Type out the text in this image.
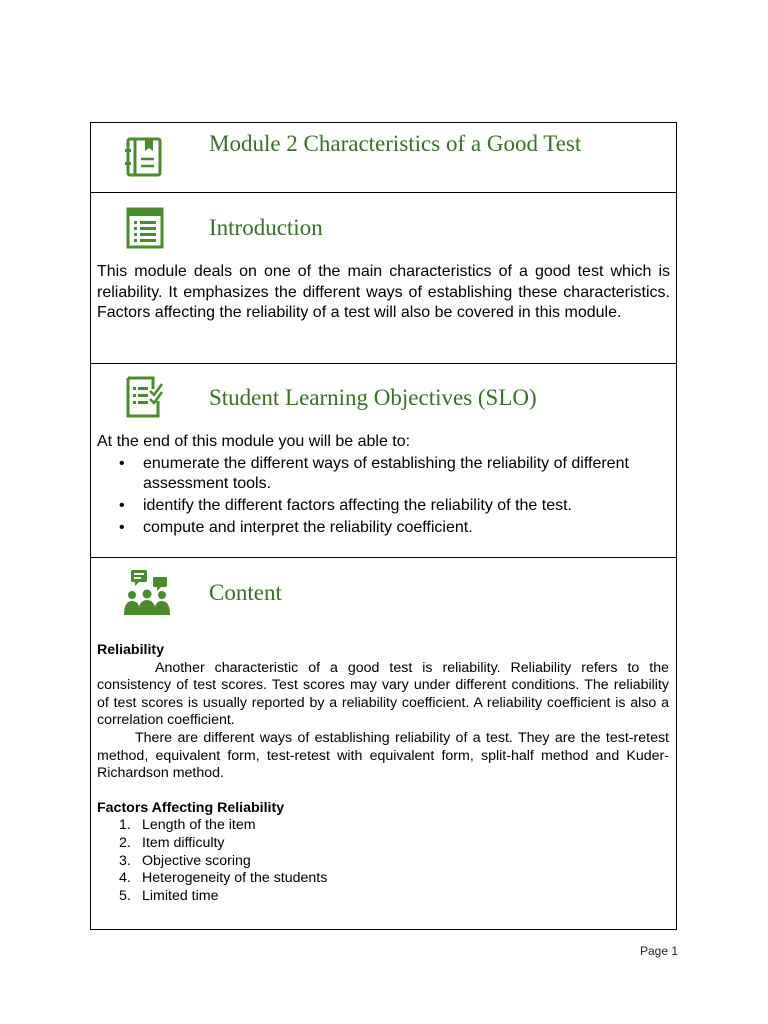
Module 2 Characteristics of a Good Test
Introduction
This module deals on one of the main characteristics of a good test which is reliability. It emphasizes the different ways of establishing these characteristics. Factors affecting the reliability of a test will also be covered in this module.
Student Learning Objectives (SLO)
At the end of this module you will be able to:
• enumerate the different ways of establishing the reliability of different assessment tools.
• identify the different factors affecting the reliability of the test.
• compute and interpret the reliability coefficient.
Content
Reliability
Another characteristic of a good test is reliability. Reliability refers to the consistency of test scores. Test scores may vary under different conditions. The reliability of test scores is usually reported by a reliability coefficient. A reliability coefficient is also a correlation coefficient.
There are different ways of establishing reliability of a test. They are the test-retest method, equivalent form, test-retest with equivalent form, split-half method and Kuder-Richardson method.
Factors Affecting Reliability
1. Length of the item
2. Item difficulty
3. Objective scoring
4. Heterogeneity of the students
5. Limited time
Page 1
